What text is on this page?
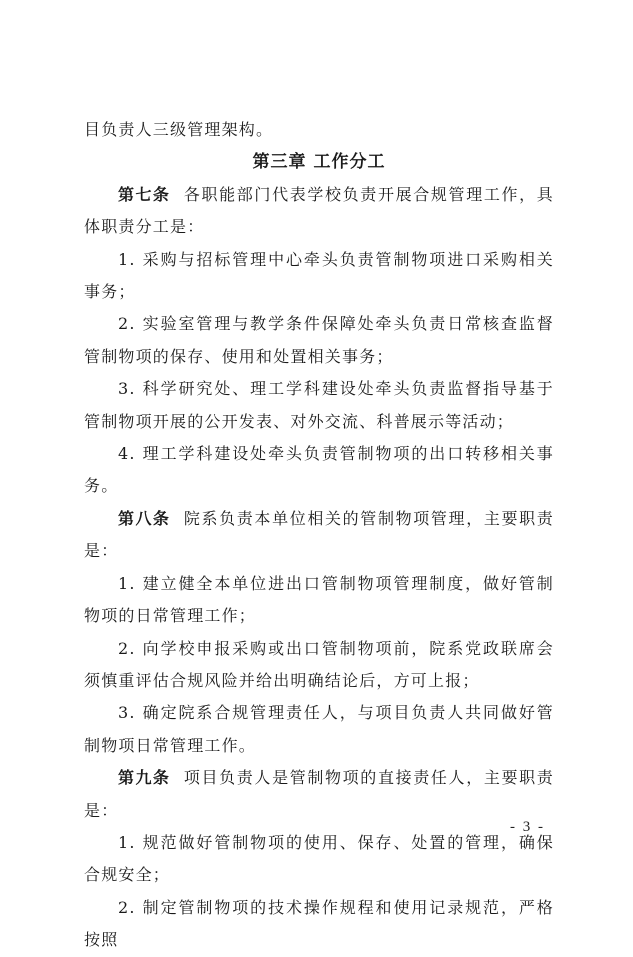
目负责人三级管理架构。

第三章 工作分工

第七条 各职能部门代表学校负责开展合规管理工作，具体职责分工是：

1. 采购与招标管理中心牵头负责管制物项进口采购相关事务；

2. 实验室管理与教学条件保障处牵头负责日常核查监督管制物项的保存、使用和处置相关事务；

3. 科学研究处、理工学科建设处牵头负责监督指导基于管制物项开展的公开发表、对外交流、科普展示等活动；

4. 理工学科建设处牵头负责管制物项的出口转移相关事务。

第八条 院系负责本单位相关的管制物项管理，主要职责是：

1. 建立健全本单位进出口管制物项管理制度，做好管制物项的日常管理工作；

2. 向学校申报采购或出口管制物项前，院系党政联席会须慎重评估合规风险并给出明确结论后，方可上报；

3. 确定院系合规管理责任人，与项目负责人共同做好管制物项日常管理工作。

第九条 项目负责人是管制物项的直接责任人，主要职责是：

1. 规范做好管制物项的使用、保存、处置的管理，确保合规安全；

2. 制定管制物项的技术操作规程和使用记录规范，严格按照

- 3 -
